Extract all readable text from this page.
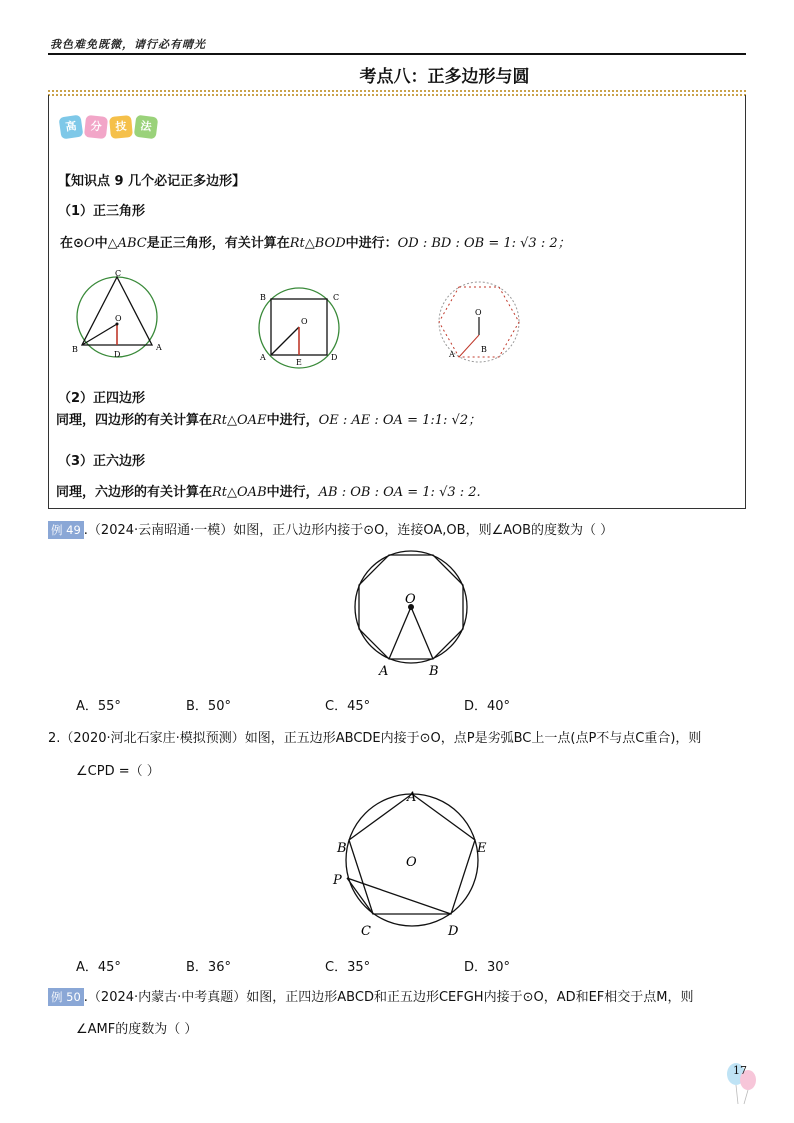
我色难免既微，请行必有晴光
考点八：正多边形与圆
高 分 技 法
【知识点 9 几个必记正多边形】
（1）正三角形
在⊙O中△ABC是正三角形，有关计算在Rt△BOD中进行：OD : BD : OB = 1: √3 : 2；
C
O
B
D
A
B	C
O
A
E
D
O
A
B
（2）正四边形
同理，四边形的有关计算在Rt△OAE中进行，OE : AE : OA = 1:1: √2；
（3）正六边形
同理，六边形的有关计算在Rt△OAB中进行，AB : OB : OA = 1: √3 : 2.
例 49 .（2024·云南昭通·一模）如图，正八边形内接于⊙O，连接OA,OB，则∠AOB的度数为（ ）
O
A	B
A．55°	B．50°	C．45°	D．40°
2.（2020·河北石家庄·模拟预测）如图，正五边形ABCDE内接于⊙O，点P是劣弧BC上一点(点P不与点C重合)，则
∠CPD =（ ）
A
B	E
O
P
C	D
A．45°	B．36°	C．35°	D．30°
例 50 .（2024·内蒙古·中考真题）如图，正四边形ABCD和正五边形CEFGH内接于⊙O，AD和EF相交于点M，则
∠AMF的度数为（ ）
17
